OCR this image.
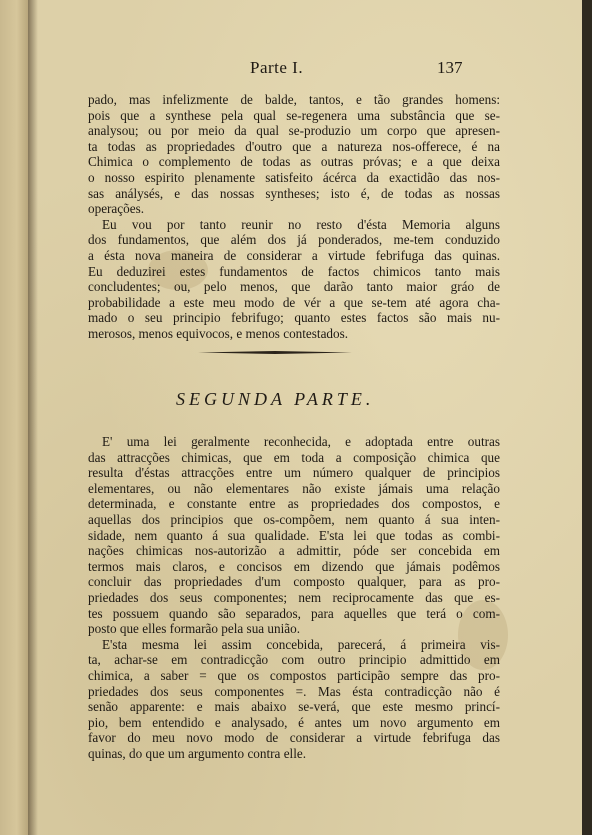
Parte I.	137
pado, mas infelizmente de balde, tantos, e tão grandes homens:
pois que a synthese pela qual se-regenera uma substância que se-
analysou; ou por meio da qual se-produzio um corpo que apresen-
ta todas as propriedades d'outro que a natureza nos-offerece, é na
Chimica o complemento de todas as outras próvas; e a que deixa
o nosso espirito plenamente satisfeito ácérca da exactidão das nos-
sas análysés, e das nossas syntheses; isto é, de todas as nossas
operações.
Eu vou por tanto reunir no resto d'ésta Memoria alguns
dos fundamentos, que além dos já ponderados, me-tem conduzido
a ésta nova maneira de considerar a virtude febrifuga das quinas.
Eu deduzirei estes fundamentos de factos chimicos tanto mais
concludentes; ou, pelo menos, que darão tanto maior gráo de
probabilidade a este meu modo de vér a que se-tem até agora cha-
mado o seu principio febrifugo; quanto estes factos são mais nu-
merosos, menos equivocos, e menos contestados.
SEGUNDA PARTE.
E' uma lei geralmente reconhecida, e adoptada entre outras
das attracções chimicas, que em toda a composição chimica que
resulta d'éstas attracções entre um número qualquer de principios
elementares, ou não elementares não existe jámais uma relação
determinada, e constante entre as propriedades dos compostos, e
aquellas dos principios que os-compõem, nem quanto á sua inten-
sidade, nem quanto á sua qualidade. E'sta lei que todas as combi-
nações chimicas nos-autorizão a admittir, póde ser concebida em
termos mais claros, e concisos em dizendo que jámais podêmos
concluir das propriedades d'um composto qualquer, para as pro-
priedades dos seus componentes; nem reciprocamente das que es-
tes possuem quando são separados, para aquelles que terá o com-
posto que elles formarão pela sua união.
E'sta mesma lei assim concebida, parecerá, á primeira vis-
ta, achar-se em contradicção com outro principio admittido em
chimica, a saber = que os compostos participão sempre das pro-
priedades dos seus componentes =. Mas ésta contradicção não é
senão apparente: e mais abaixo se-verá, que este mesmo princí-
pio, bem entendido e analysado, é antes um novo argumento em
favor do meu novo modo de considerar a virtude febrifuga das
quinas, do que um argumento contra elle.
